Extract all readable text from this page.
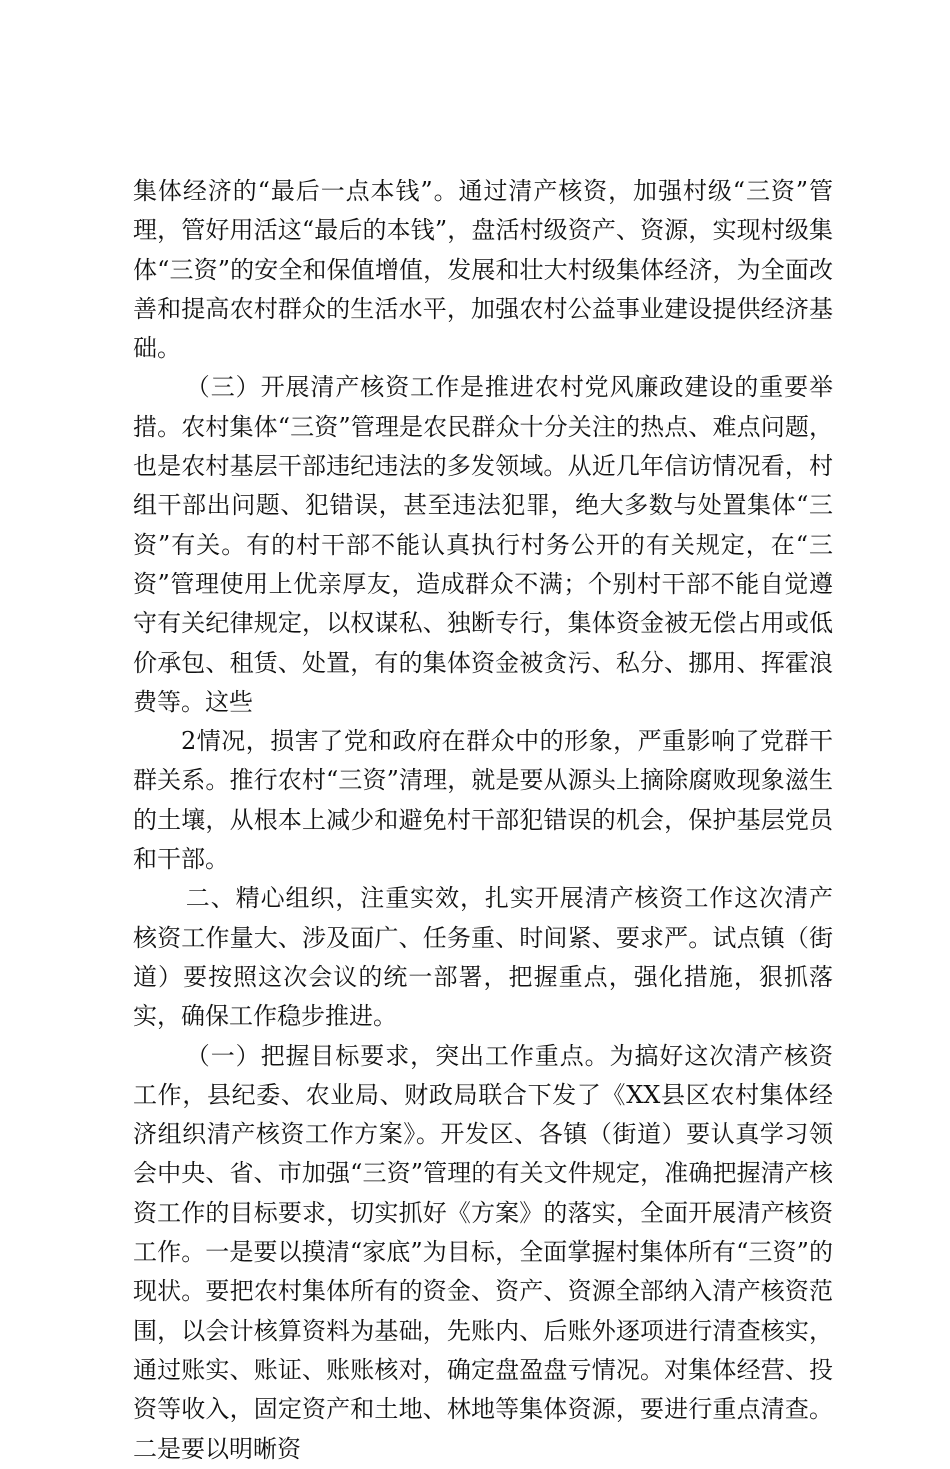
集体经济的“最后一点本钱”。通过清产核资，加强村级“三资”管理，管好用活这“最后的本钱”，盘活村级资产、资源，实现村级集体“三资”的安全和保值增值，发展和壮大村级集体经济，为全面改善和提高农村群众的生活水平，加强农村公益事业建设提供经济基础。

（三）开展清产核资工作是推进农村党风廉政建设的重要举措。农村集体“三资”管理是农民群众十分关注的热点、难点问题，也是农村基层干部违纪违法的多发领域。从近几年信访情况看，村组干部出问题、犯错误，甚至违法犯罪，绝大多数与处置集体“三资”有关。有的村干部不能认真执行村务公开的有关规定，在“三资”管理使用上优亲厚友，造成群众不满；个别村干部不能自觉遵守有关纪律规定，以权谋私、独断专行，集体资金被无偿占用或低价承包、租赁、处置，有的集体资金被贪污、私分、挪用、挥霍浪费等。这些

2情况，损害了党和政府在群众中的形象，严重影响了党群干群关系。推行农村“三资”清理，就是要从源头上摘除腐败现象滋生的土壤，从根本上减少和避免村干部犯错误的机会，保护基层党员和干部。

二、精心组织，注重实效，扎实开展清产核资工作这次清产核资工作量大、涉及面广、任务重、时间紧、要求严。试点镇（街道）要按照这次会议的统一部署，把握重点，强化措施，狠抓落实，确保工作稳步推进。

（一）把握目标要求，突出工作重点。为搞好这次清产核资工作，县纪委、农业局、财政局联合下发了《XX县区农村集体经济组织清产核资工作方案》。开发区、各镇（街道）要认真学习领会中央、省、市加强“三资”管理的有关文件规定，准确把握清产核资工作的目标要求，切实抓好《方案》的落实，全面开展清产核资工作。一是要以摸清“家底”为目标，全面掌握村集体所有“三资”的现状。要把农村集体所有的资金、资产、资源全部纳入清产核资范围，以会计核算资料为基础，先账内、后账外逐项进行清查核实，通过账实、账证、账账核对，确定盘盈盘亏情况。对集体经营、投资等收入，固定资产和土地、林地等集体资源，要进行重点清查。二是要以明晰资
